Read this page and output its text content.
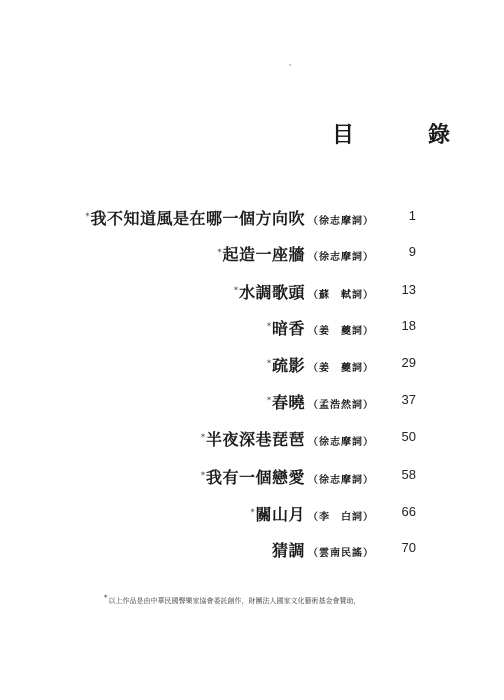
目　錄
* 我不知道風是在哪一個方向吹 （徐志摩詞）	1
* 起造一座牆 （徐志摩詞）	9
* 水調歌頭 （蘇　軾詞）	13
* 暗香 （姜　夔詞）	18
* 疏影 （姜　夔詞）	29
* 春曉 （孟浩然詞）	37
* 半夜深巷琵琶 （徐志摩詞）	50
* 我有一個戀愛 （徐志摩詞）	58
* 關山月 （李　白詞）	66
猜調 （雲南民謠）	70
*以上作品是由中華民國聲樂家協會委託創作，財團法人國家文化藝術基金會贊助，
